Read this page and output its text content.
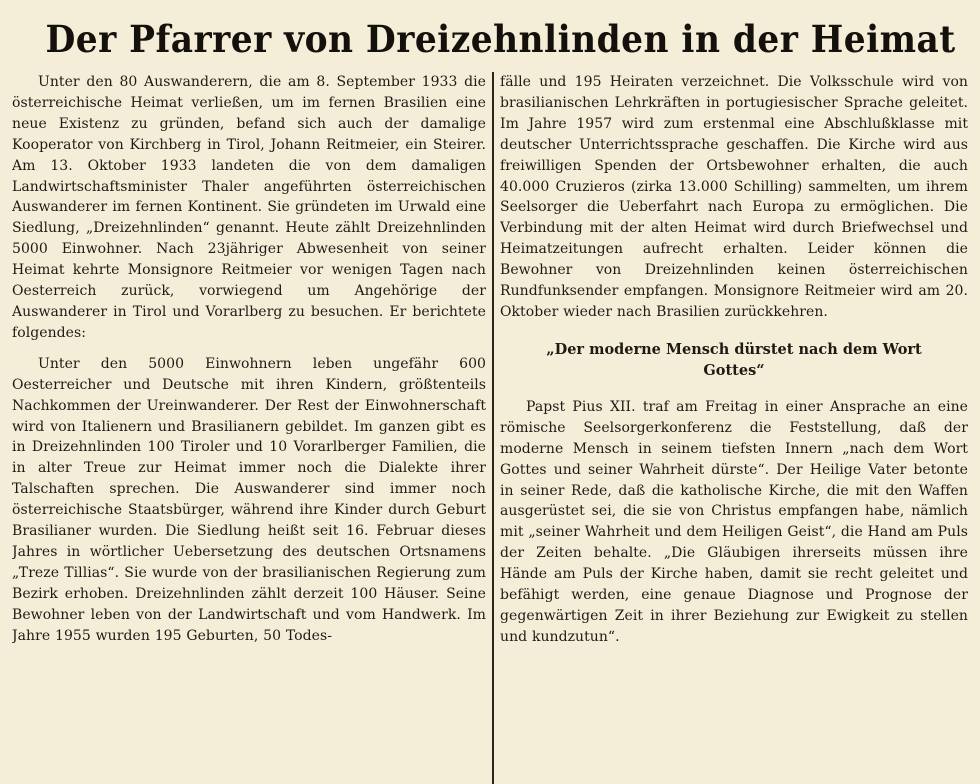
Der Pfarrer von Dreizehnlinden in der Heimat

Unter den 80 Auswanderern, die am 8. September 1933 die österreichische Heimat verließen, um im fernen Brasilien eine neue Existenz zu gründen, befand sich auch der damalige Kooperator von Kirchberg in Tirol, Johann Reitmeier, ein Steirer. Am 13. Oktober 1933 landeten die von dem damaligen Landwirtschaftsminister Thaler angeführten österreichischen Auswanderer im fernen Kontinent. Sie gründeten im Urwald eine Siedlung, „Dreizehnlinden“ genannt. Heute zählt Dreizehnlinden 5000 Einwohner. Nach 23jähriger Abwesenheit von seiner Heimat kehrte Monsignore Reitmeier vor wenigen Tagen nach Oesterreich zurück, vorwiegend um Angehörige der Auswanderer in Tirol und Vorarlberg zu besuchen. Er berichtete folgendes:

Unter den 5000 Einwohnern leben ungefähr 600 Oesterreicher und Deutsche mit ihren Kindern, größtenteils Nachkommen der Ureinwanderer. Der Rest der Einwohnerschaft wird von Italienern und Brasilianern gebildet. Im ganzen gibt es in Dreizehnlinden 100 Tiroler und 10 Vorarlberger Familien, die in alter Treue zur Heimat immer noch die Dialekte ihrer Talschaften sprechen. Die Auswanderer sind immer noch österreichische Staatsbürger, während ihre Kinder durch Geburt Brasilianer wurden. Die Siedlung heißt seit 16. Februar dieses Jahres in wörtlicher Uebersetzung des deutschen Ortsnamens „Treze Tillias“. Sie wurde von der brasilianischen Regierung zum Bezirk erhoben. Dreizehnlinden zählt derzeit 100 Häuser. Seine Bewohner leben von der Landwirtschaft und vom Handwerk. Im Jahre 1955 wurden 195 Geburten, 50 Todes-

fälle und 195 Heiraten verzeichnet. Die Volksschule wird von brasilianischen Lehrkräften in portugiesischer Sprache geleitet. Im Jahre 1957 wird zum erstenmal eine Abschlußklasse mit deutscher Unterrichtssprache geschaffen. Die Kirche wird aus freiwilligen Spenden der Ortsbewohner erhalten, die auch 40.000 Cruzieros (zirka 13.000 Schilling) sammelten, um ihrem Seelsorger die Ueberfahrt nach Europa zu ermöglichen. Die Verbindung mit der alten Heimat wird durch Briefwechsel und Heimatzeitungen aufrecht erhalten. Leider können die Bewohner von Dreizehnlinden keinen österreichischen Rundfunksender empfangen. Monsignore Reitmeier wird am 20. Oktober wieder nach Brasilien zurückkehren.

„Der moderne Mensch dürstet nach dem Wort Gottes“

Papst Pius XII. traf am Freitag in einer Ansprache an eine römische Seelsorgerkonferenz die Feststellung, daß der moderne Mensch in seinem tiefsten Innern „nach dem Wort Gottes und seiner Wahrheit dürste“. Der Heilige Vater betonte in seiner Rede, daß die katholische Kirche, die mit den Waffen ausgerüstet sei, die sie von Christus empfangen habe, nämlich mit „seiner Wahrheit und dem Heiligen Geist“, die Hand am Puls der Zeiten behalte. „Die Gläubigen ihrerseits müssen ihre Hände am Puls der Kirche haben, damit sie recht geleitet und befähigt werden, eine genaue Diagnose und Prognose der gegenwärtigen Zeit in ihrer Beziehung zur Ewigkeit zu stellen und kundzutun“.
